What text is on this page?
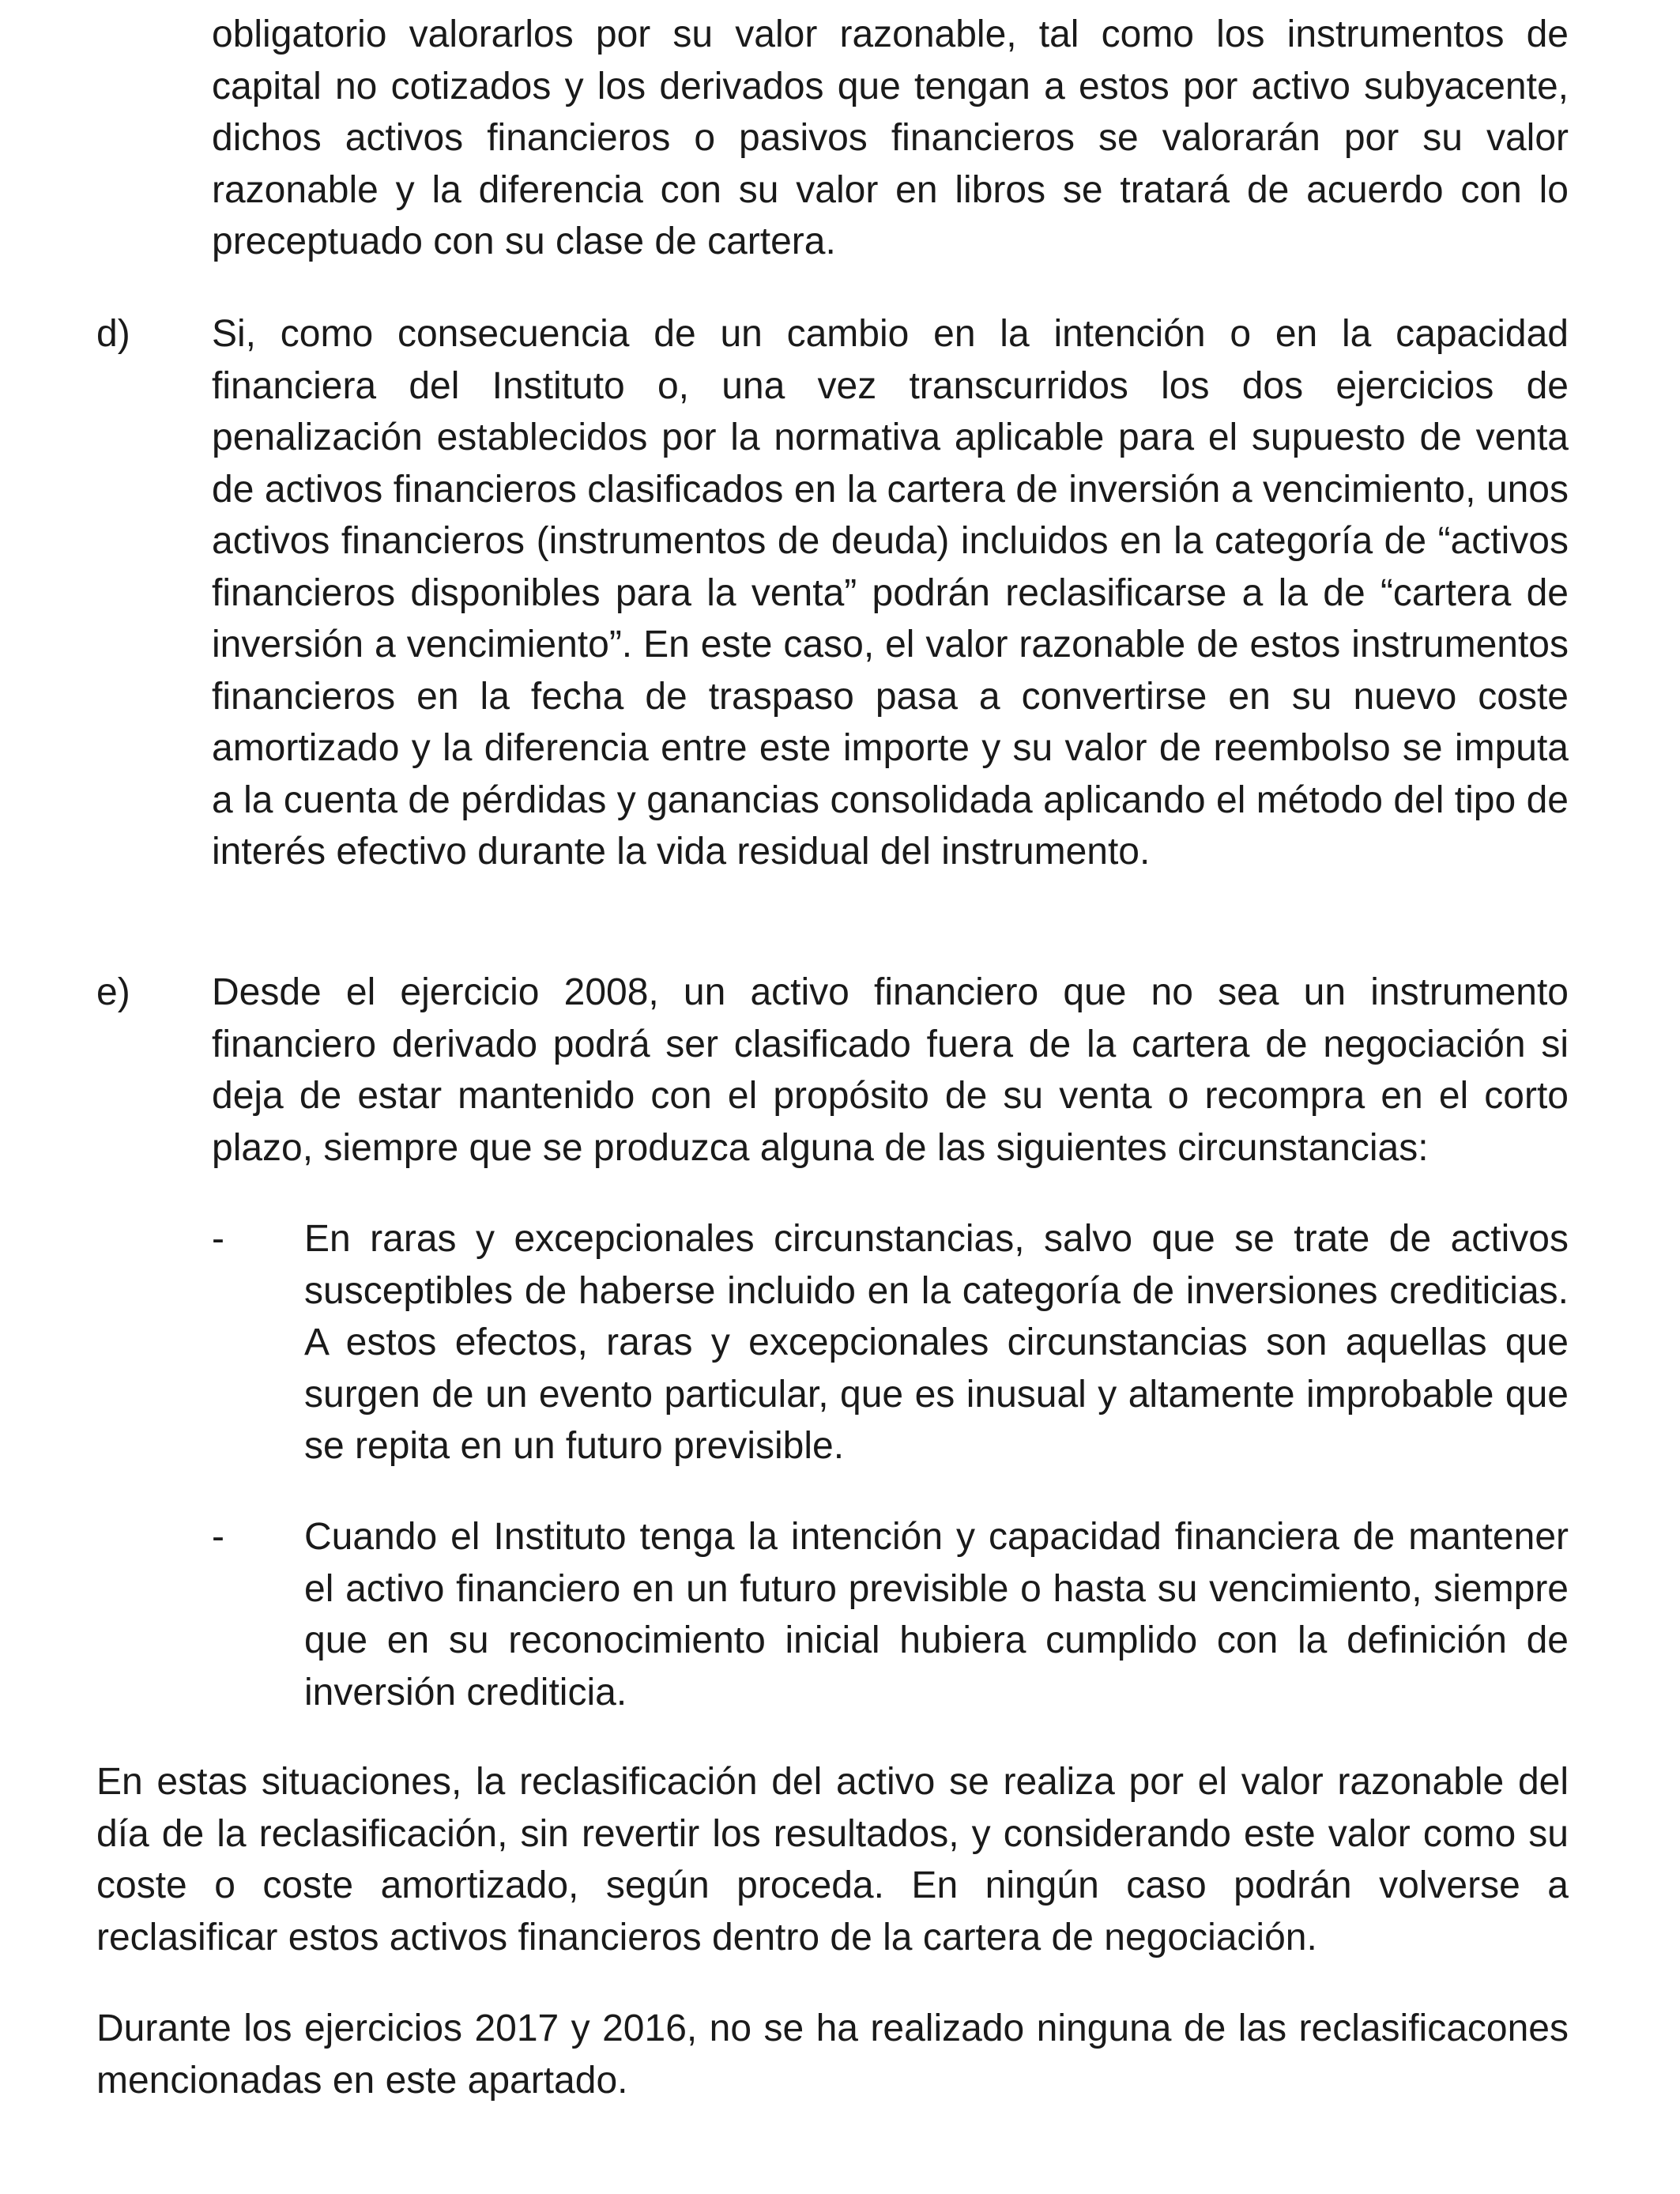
obligatorio valorarlos por su valor razonable, tal como los instrumentos de capital no cotizados y los derivados que tengan a estos por activo subyacente, dichos activos financieros o pasivos financieros se valorarán por su valor razonable y la diferencia con su valor en libros se tratará de acuerdo con lo preceptuado con su clase de cartera.

d) Si, como consecuencia de un cambio en la intención o en la capacidad financiera del Instituto o, una vez transcurridos los dos ejercicios de penalización establecidos por la normativa aplicable para el supuesto de venta de activos financieros clasificados en la cartera de inversión a vencimiento, unos activos financieros (instrumentos de deuda) incluidos en la categoría de “activos financieros disponibles para la venta” podrán reclasificarse a la de “cartera de inversión a vencimiento”. En este caso, el valor razonable de estos instrumentos financieros en la fecha de traspaso pasa a convertirse en su nuevo coste amortizado y la diferencia entre este importe y su valor de reembolso se imputa a la cuenta de pérdidas y ganancias consolidada aplicando el método del tipo de interés efectivo durante la vida residual del instrumento.

e) Desde el ejercicio 2008, un activo financiero que no sea un instrumento financiero derivado podrá ser clasificado fuera de la cartera de negociación si deja de estar mantenido con el propósito de su venta o recompra en el corto plazo, siempre que se produzca alguna de las siguientes circunstancias:

- En raras y excepcionales circunstancias, salvo que se trate de activos susceptibles de haberse incluido en la categoría de inversiones crediticias. A estos efectos, raras y excepcionales circunstancias son aquellas que surgen de un evento particular, que es inusual y altamente improbable que se repita en un futuro previsible.

- Cuando el Instituto tenga la intención y capacidad financiera de mantener el activo financiero en un futuro previsible o hasta su vencimiento, siempre que en su reconocimiento inicial hubiera cumplido con la definición de inversión crediticia.

En estas situaciones, la reclasificación del activo se realiza por el valor razonable del día de la reclasificación, sin revertir los resultados, y considerando este valor como su coste o coste amortizado, según proceda. En ningún caso podrán volverse a reclasificar estos activos financieros dentro de la cartera de negociación.

Durante los ejercicios 2017 y 2016, no se ha realizado ninguna de las reclasificacones mencionadas en este apartado.
